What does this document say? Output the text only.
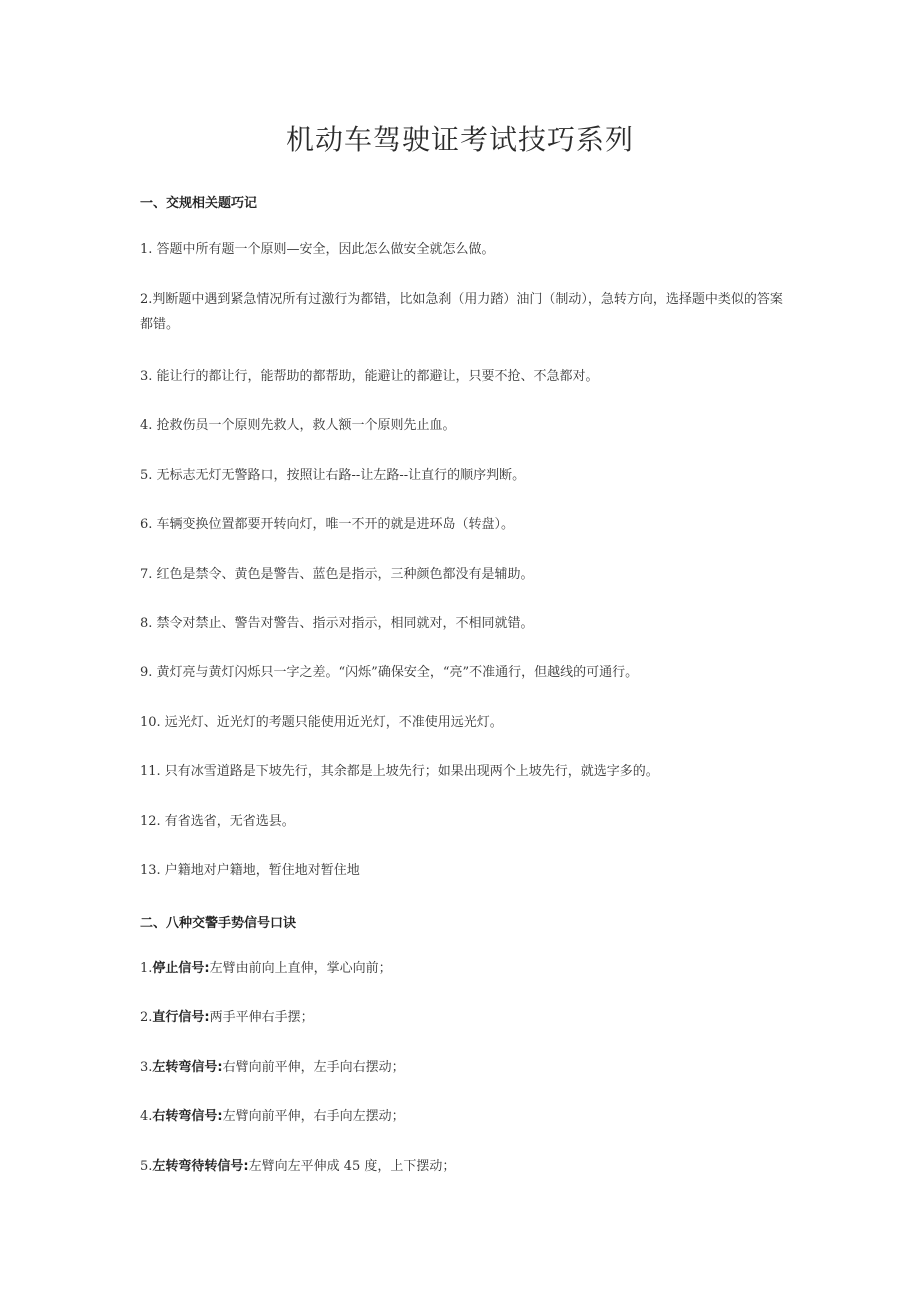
机动车驾驶证考试技巧系列
一、交规相关题巧记
1. 答题中所有题一个原则—安全，因此怎么做安全就怎么做。
2.判断题中遇到紧急情况所有过激行为都错，比如急刹（用力踏）油门（制动），急转方向，选择题中类似的答案都错。
3. 能让行的都让行，能帮助的都帮助，能避让的都避让，只要不抢、不急都对。
4. 抢救伤员一个原则先救人，救人额一个原则先止血。
5. 无标志无灯无警路口，按照让右路--让左路--让直行的顺序判断。
6. 车辆变换位置都要开转向灯，唯一不开的就是进环岛（转盘）。
7. 红色是禁令、黄色是警告、蓝色是指示，三种颜色都没有是辅助。
8. 禁令对禁止、警告对警告、指示对指示，相同就对，不相同就错。
9. 黄灯亮与黄灯闪烁只一字之差。“闪烁”确保安全，“亮”不准通行，但越线的可通行。
10. 远光灯、近光灯的考题只能使用近光灯，不准使用远光灯。
11. 只有冰雪道路是下坡先行，其余都是上坡先行；如果出现两个上坡先行，就选字多的。
12. 有省选省，无省选县。
13. 户籍地对户籍地，暂住地对暂住地
二、八种交警手势信号口诀
1.停止信号:左臂由前向上直伸，掌心向前；
2.直行信号:两手平伸右手摆；
3.左转弯信号:右臂向前平伸，左手向右摆动；
4.右转弯信号:左臂向前平伸，右手向左摆动；
5.左转弯待转信号:左臂向左平伸成 45 度，上下摆动；
